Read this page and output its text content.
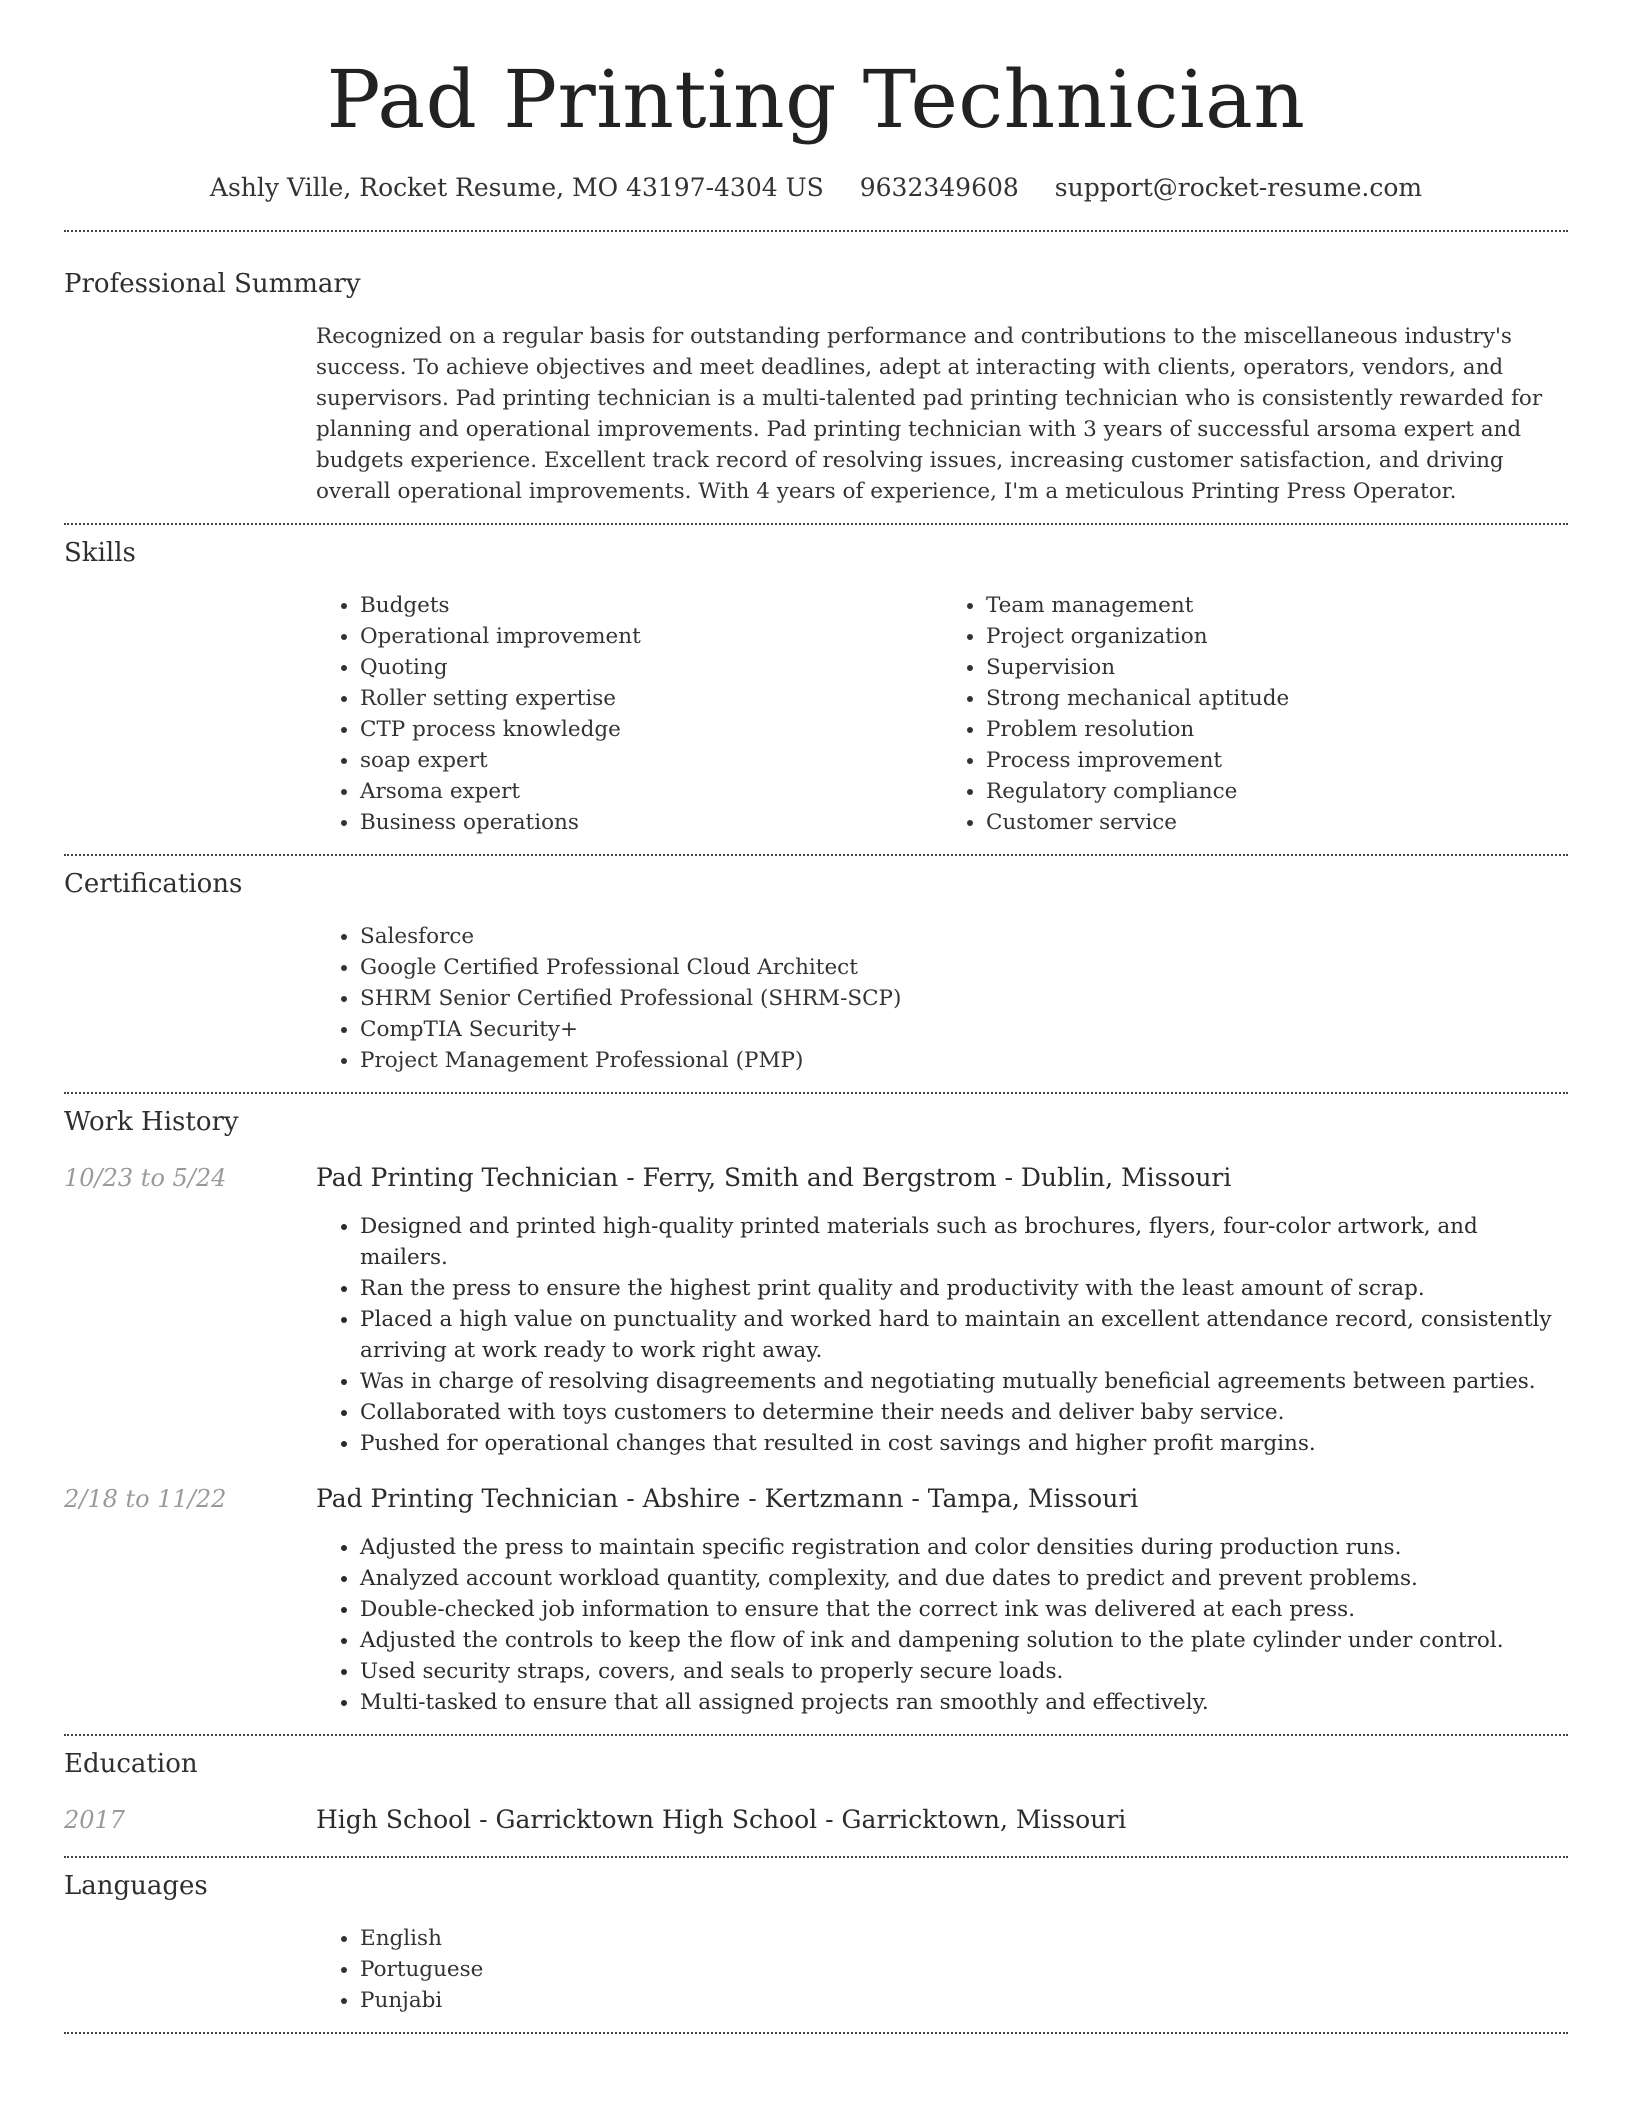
Pad Printing Technician
Ashly Ville, Rocket Resume, MO 43197-4304 US 9632349608 support@rocket-resume.com
Professional Summary

Recognized on a regular basis for outstanding performance and contributions to the miscellaneous industry's success. To achieve objectives and meet deadlines, adept at interacting with clients, operators, vendors, and supervisors. Pad printing technician is a multi-talented pad printing technician who is consistently rewarded for planning and operational improvements. Pad printing technician with 3 years of successful arsoma expert and budgets experience. Excellent track record of resolving issues, increasing customer satisfaction, and driving overall operational improvements. With 4 years of experience, I'm a meticulous Printing Press Operator.

Skills
• Budgets
• Operational improvement
• Quoting
• Roller setting expertise
• CTP process knowledge
• soap expert
• Arsoma expert
• Business operations
• Team management
• Project organization
• Supervision
• Strong mechanical aptitude
• Problem resolution
• Process improvement
• Regulatory compliance
• Customer service
Certifications
• Salesforce
• Google Certified Professional Cloud Architect
• SHRM Senior Certified Professional (SHRM-SCP)
• CompTIA Security+
• Project Management Professional (PMP)
Work History
10/23 to 5/24	Pad Printing Technician - Ferry, Smith and Bergstrom - Dublin, Missouri
• Designed and printed high-quality printed materials such as brochures, flyers, four-color artwork, and mailers.
• Ran the press to ensure the highest print quality and productivity with the least amount of scrap.
• Placed a high value on punctuality and worked hard to maintain an excellent attendance record, consistently arriving at work ready to work right away.
• Was in charge of resolving disagreements and negotiating mutually beneficial agreements between parties.
• Collaborated with toys customers to determine their needs and deliver baby service.
• Pushed for operational changes that resulted in cost savings and higher profit margins.
2/18 to 11/22	Pad Printing Technician - Abshire - Kertzmann - Tampa, Missouri
• Adjusted the press to maintain specific registration and color densities during production runs.
• Analyzed account workload quantity, complexity, and due dates to predict and prevent problems.
• Double-checked job information to ensure that the correct ink was delivered at each press.
• Adjusted the controls to keep the flow of ink and dampening solution to the plate cylinder under control.
• Used security straps, covers, and seals to properly secure loads.
• Multi-tasked to ensure that all assigned projects ran smoothly and effectively.
Education
2017	High School - Garricktown High School - Garricktown, Missouri
Languages
• English
• Portuguese
• Punjabi
